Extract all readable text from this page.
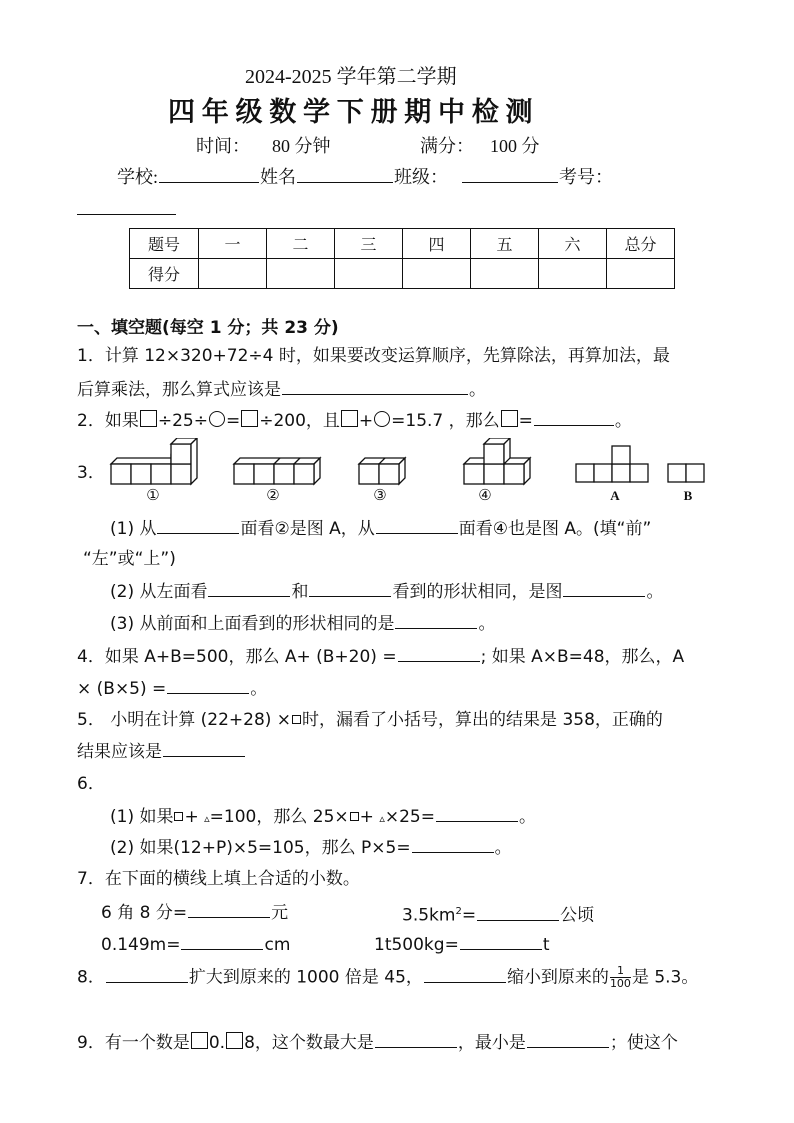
2024-2025 学年第二学期
四 年 级 数 学 下 册 期 中 检 测
时间： 80 分钟	满分： 100 分
学校:	姓名	班级：	考号：
题号	一	二	三	四	五	六	总分
得分							
一、填空题(每空 1 分；共 23 分)
1．计算 12×320+72÷4 时，如果要改变运算顺序，先算除法，再算加法，最
后算乘法，那么算式应该是	。
2．如果 ÷25÷ = ÷200，且 + =15.7 ，那么 =	。
3．
①	②	③	④	A	B
(1) 从	面看②是图 A，从	面看④也是图 A。(填“前”
“左”或“上”)
(2) 从左面看	和	看到的形状相同，是图	。
(3) 从前面和上面看到的形状相同的是	。
4．如果 A+B=500，那么 A+ (B+20) =	; 如果 A×B=48，那么，A
× (B×5) =	。
5． 小明在计算 (22+28) × 时，漏看了小括号，算出的结果是 358，正确的
结果应该是
6．
(1) 如果 + ▵=100，那么 25× + ▵×25=	。
(2) 如果(12+P)×5=105，那么 P×5=	。
7．在下面的横线上填上合适的小数。
6 角 8 分=	元	$3.5km^2=$	公顷
0.149m=	cm	1t500kg=	t
8．	扩大到原来的 1000 倍是 45，	缩小到原来的 $\frac{1}{100}$ 是 5.3。
9．有一个数是 0. 8，这个数最大是	，最小是	；使这个
